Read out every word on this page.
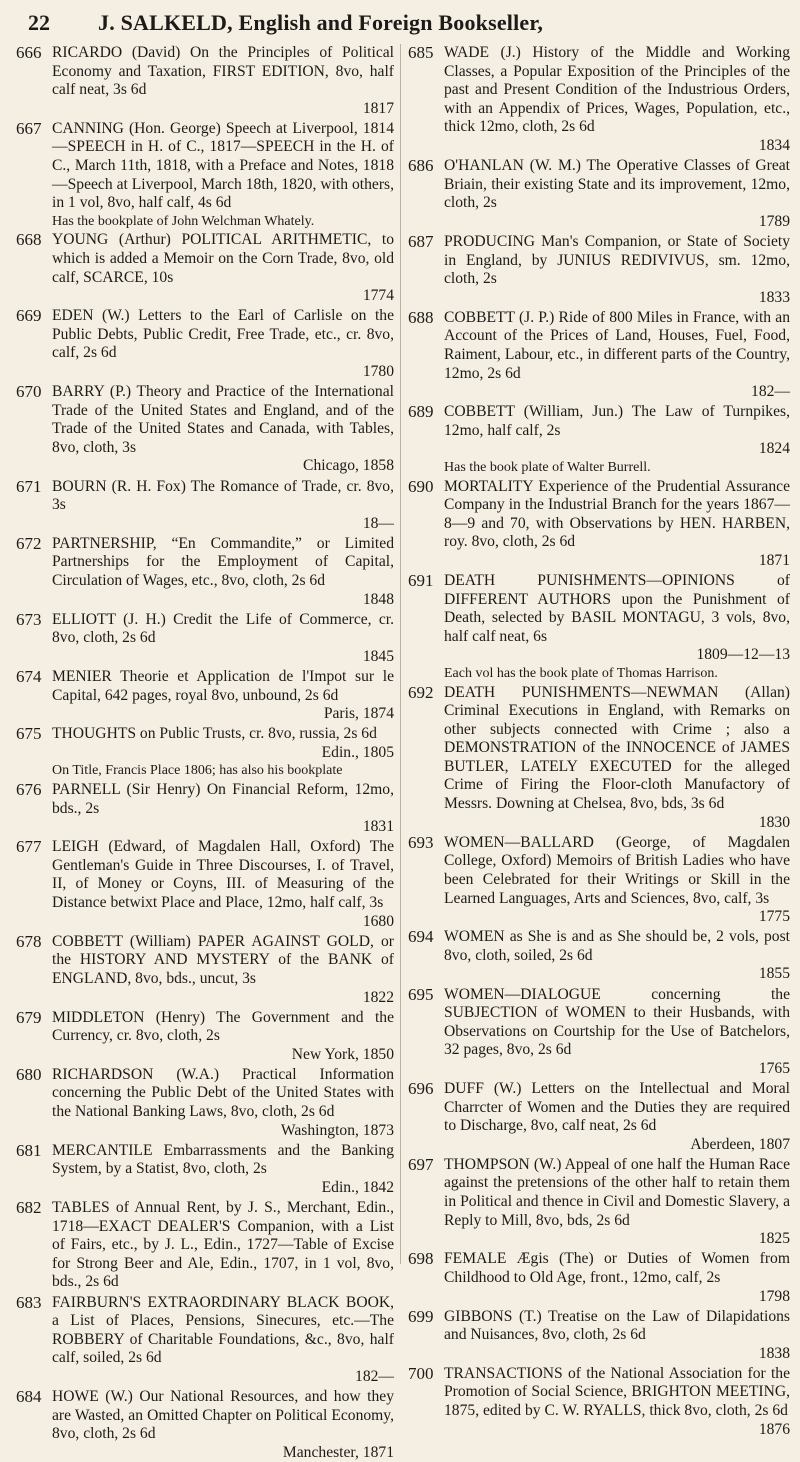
22 J. SALKELD, English and Foreign Bookseller,
666 RICARDO (David) On the Principles of Political Economy and Taxation, FIRST EDITION, 8vo, half calf neat, 3s 6d
1817
667 CANNING (Hon. George) Speech at Liverpool, 1814—SPEECH in H. of C., 1817—SPEECH in the H. of C., March 11th, 1818, with a Preface and Notes, 1818—Speech at Liverpool, March 18th, 1820, with others, in 1 vol, 8vo, half calf, 4s 6d
Has the bookplate of John Welchman Whately.
668 YOUNG (Arthur) POLITICAL ARITHMETIC, to which is added a Memoir on the Corn Trade, 8vo, old calf, SCARCE, 10s
1774
669 EDEN (W.) Letters to the Earl of Carlisle on the Public Debts, Public Credit, Free Trade, etc., cr. 8vo, calf, 2s 6d
1780
670 BARRY (P.) Theory and Practice of the International Trade of the United States and England, and of the Trade of the United States and Canada, with Tables, 8vo, cloth, 3s
Chicago, 1858
671 BOURN (R. H. Fox) The Romance of Trade, cr. 8vo, 3s
18—
672 PARTNERSHIP, “En Commandite,” or Limited Partnerships for the Employment of Capital, Circulation of Wages, etc., 8vo, cloth, 2s 6d
1848
673 ELLIOTT (J. H.) Credit the Life of Commerce, cr. 8vo, cloth, 2s 6d
1845
674 MENIER Theorie et Application de l'Impot sur le Capital, 642 pages, royal 8vo, unbound, 2s 6d
Paris, 1874
675 THOUGHTS on Public Trusts, cr. 8vo, russia, 2s 6d
Edin., 1805
On Title, Francis Place 1806; has also his bookplate
676 PARNELL (Sir Henry) On Financial Reform, 12mo, bds., 2s
1831
677 LEIGH (Edward, of Magdalen Hall, Oxford) The Gentleman's Guide in Three Discourses, I. of Travel, II, of Money or Coyns, III. of Measuring of the Distance betwixt Place and Place, 12mo, half calf, 3s
1680
678 COBBETT (William) PAPER AGAINST GOLD, or the HISTORY AND MYSTERY of the BANK of ENGLAND, 8vo, bds., uncut, 3s
1822
679 MIDDLETON (Henry) The Government and the Currency, cr. 8vo, cloth, 2s
New York, 1850
680 RICHARDSON (W.A.) Practical Information concerning the Public Debt of the United States with the National Banking Laws, 8vo, cloth, 2s 6d
Washington, 1873
681 MERCANTILE Embarrassments and the Banking System, by a Statist, 8vo, cloth, 2s
Edin., 1842
682 TABLES of Annual Rent, by J. S., Merchant, Edin., 1718—EXACT DEALER'S Companion, with a List of Fairs, etc., by J. L., Edin., 1727—Table of Excise for Strong Beer and Ale, Edin., 1707, in 1 vol, 8vo, bds., 2s 6d
683 FAIRBURN'S EXTRAORDINARY BLACK BOOK, a List of Places, Pensions, Sinecures, etc.—The ROBBERY of Charitable Foundations, &c., 8vo, half calf, soiled, 2s 6d
182—
684 HOWE (W.) Our National Resources, and how they are Wasted, an Omitted Chapter on Political Economy, 8vo, cloth, 2s 6d
Manchester, 1871
685 WADE (J.) History of the Middle and Working Classes, a Popular Exposition of the Principles of the past and Present Condition of the Industrious Orders, with an Appendix of Prices, Wages, Population, etc., thick 12mo, cloth, 2s 6d
1834
686 O'HANLAN (W. M.) The Operative Classes of Great Briain, their existing State and its improvement, 12mo, cloth, 2s
1789
687 PRODUCING Man's Companion, or State of Society in England, by JUNIUS REDIVIVUS, sm. 12mo, cloth, 2s
1833
688 COBBETT (J. P.) Ride of 800 Miles in France, with an Account of the Prices of Land, Houses, Fuel, Food, Raiment, Labour, etc., in different parts of the Country, 12mo, 2s 6d
182—
689 COBBETT (William, Jun.) The Law of Turnpikes, 12mo, half calf, 2s
1824
Has the book plate of Walter Burrell.
690 MORTALITY Experience of the Prudential Assurance Company in the Industrial Branch for the years 1867—8—9 and 70, with Observations by HEN. HARBEN, roy. 8vo, cloth, 2s 6d
1871
691 DEATH PUNISHMENTS—OPINIONS of DIFFERENT AUTHORS upon the Punishment of Death, selected by BASIL MONTAGU, 3 vols, 8vo, half calf neat, 6s
1809—12—13
Each vol has the book plate of Thomas Harrison.
692 DEATH PUNISHMENTS—NEWMAN (Allan) Criminal Executions in England, with Remarks on other subjects connected with Crime ; also a DEMONSTRATION of the INNOCENCE of JAMES BUTLER, LATELY EXECUTED for the alleged Crime of Firing the Floor-cloth Manufactory of Messrs. Downing at Chelsea, 8vo, bds, 3s 6d
1830
693 WOMEN—BALLARD (George, of Magdalen College, Oxford) Memoirs of British Ladies who have been Celebrated for their Writings or Skill in the Learned Languages, Arts and Sciences, 8vo, calf, 3s
1775
694 WOMEN as She is and as She should be, 2 vols, post 8vo, cloth, soiled, 2s 6d
1855
695 WOMEN—DIALOGUE concerning the SUBJECTION of WOMEN to their Husbands, with Observations on Courtship for the Use of Batchelors, 32 pages, 8vo, 2s 6d
1765
696 DUFF (W.) Letters on the Intellectual and Moral Charrcter of Women and the Duties they are required to Discharge, 8vo, calf neat, 2s 6d
Aberdeen, 1807
697 THOMPSON (W.) Appeal of one half the Human Race against the pretensions of the other half to retain them in Political and thence in Civil and Domestic Slavery, a Reply to Mill, 8vo, bds, 2s 6d
1825
698 FEMALE Ægis (The) or Duties of Women from Childhood to Old Age, front., 12mo, calf, 2s
1798
699 GIBBONS (T.) Treatise on the Law of Dilapidations and Nuisances, 8vo, cloth, 2s 6d
1838
700 TRANSACTIONS of the National Association for the Promotion of Social Science, BRIGHTON MEETING, 1875, edited by C. W. RYALLS, thick 8vo, cloth, 2s 6d
1876
